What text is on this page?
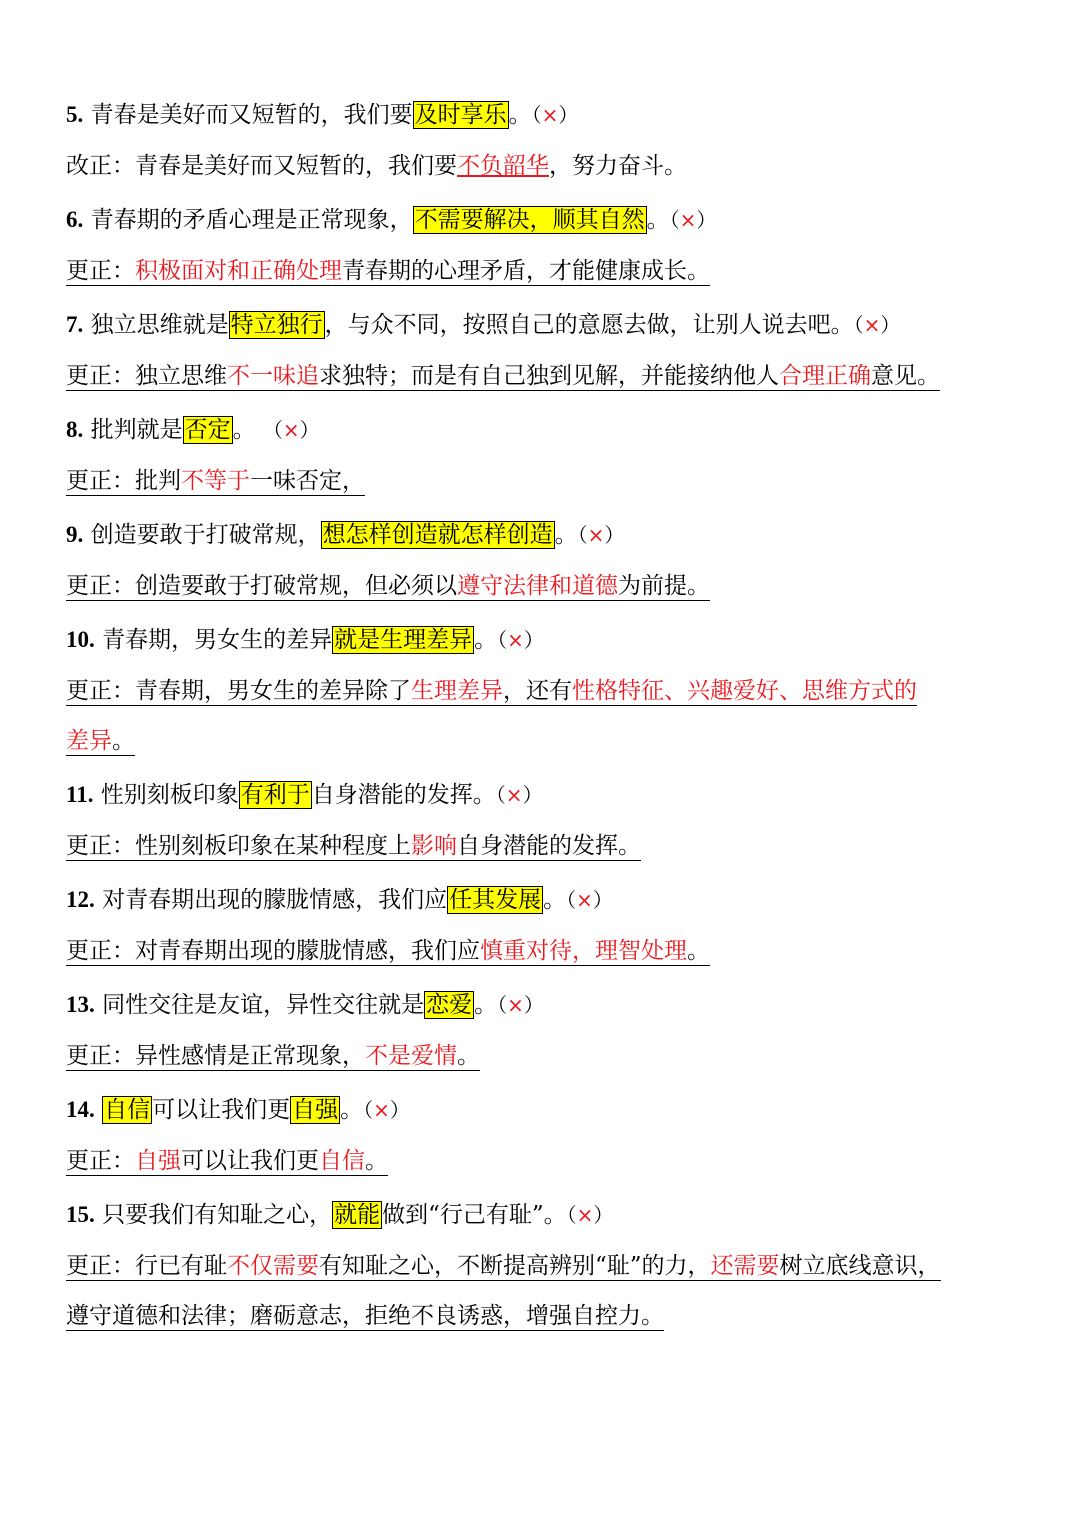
5. 青春是美好而又短暂的，我们要及时享乐。（×）
改正：青春是美好而又短暂的，我们要不负韶华，努力奋斗。
6. 青春期的矛盾心理是正常现象，不需要解决，顺其自然。（×）
更正：积极面对和正确处理青春期的心理矛盾，才能健康成长。
7. 独立思维就是特立独行，与众不同，按照自己的意愿去做，让别人说去吧。（×）
更正：独立思维不一味追求独特；而是有自己独到见解，并能接纳他人合理正确意见。
8. 批判就是否定。 （×）
更正：批判不等于一味否定，
9. 创造要敢于打破常规，想怎样创造就怎样创造。（×）
更正：创造要敢于打破常规，但必须以遵守法律和道德为前提。
10. 青春期，男女生的差异就是生理差异。（×）
更正：青春期，男女生的差异除了生理差异，还有性格特征、兴趣爱好、思维方式的
差异。
11. 性别刻板印象有利于自身潜能的发挥。（×）
更正：性别刻板印象在某种程度上影响自身潜能的发挥。
12. 对青春期出现的朦胧情感，我们应任其发展。（×）
更正：对青春期出现的朦胧情感，我们应慎重对待，理智处理。
13. 同性交往是友谊，异性交往就是恋爱。（×）
更正：异性感情是正常现象，不是爱情。
14. 自信可以让我们更自强。（×）
更正：自强可以让我们更自信。
15. 只要我们有知耻之心，就能做到“行己有耻”。（×）
更正：行已有耻不仅需要有知耻之心，不断提高辨别“耻”的力，还需要树立底线意识，
遵守道德和法律；磨砺意志，拒绝不良诱惑，增强自控力。
